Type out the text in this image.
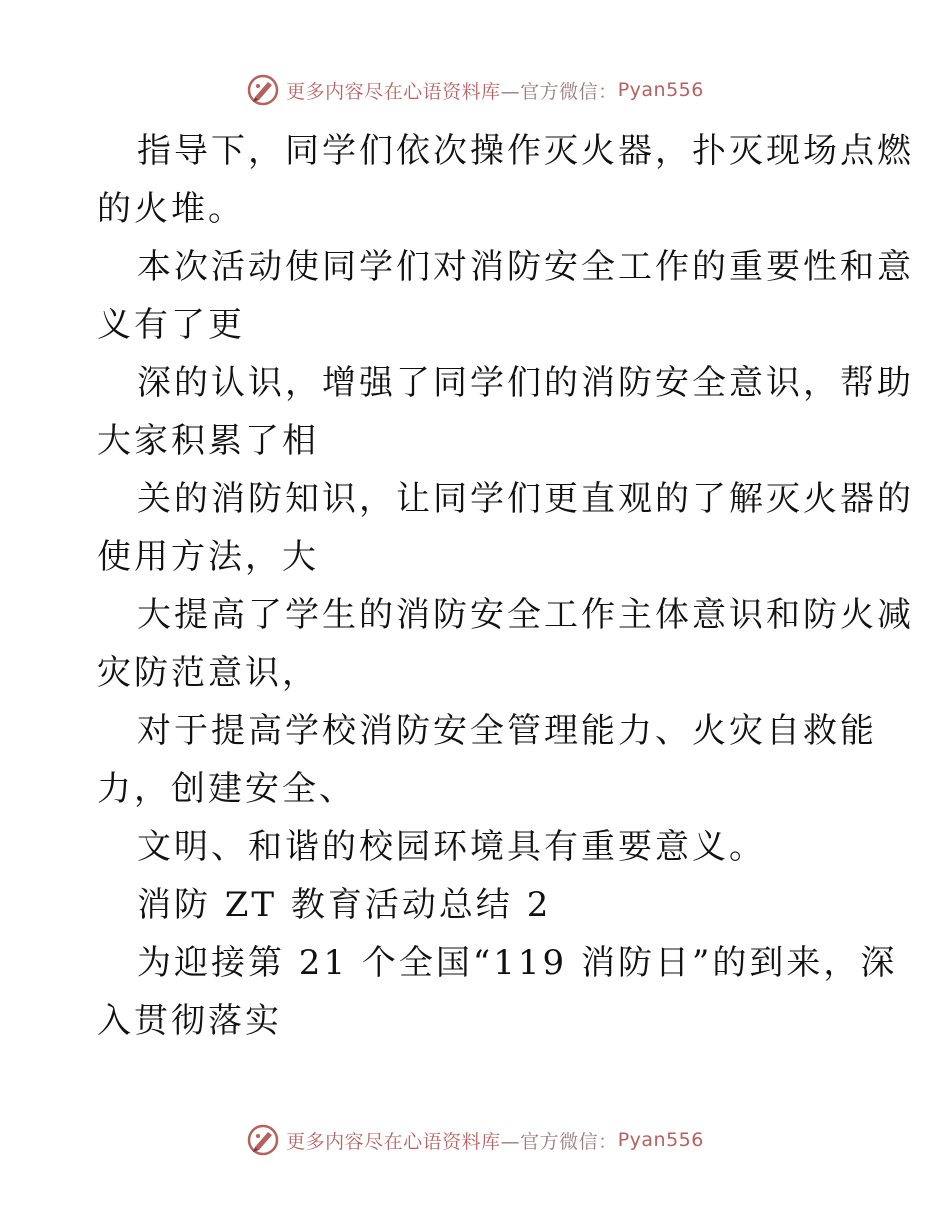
更多内容尽在心语资料库 —官方微信： Pyan556
指导下，同学们依次操作灭火器，扑灭现场点燃
的火堆。
本次活动使同学们对消防安全工作的重要性和意
义有了更
深的认识，增强了同学们的消防安全意识，帮助
大家积累了相
关的消防知识，让同学们更直观的了解灭火器的
使用方法，大
大提高了学生的消防安全工作主体意识和防火减
灾防范意识，
对于提高学校消防安全管理能力、火灾自救能
力，创建安全、
文明、和谐的校园环境具有重要意义。
消防 ZT 教育活动总结 2
为迎接第 21 个全国“119 消防日”的到来，深
入贯彻落实
更多内容尽在心语资料库 —官方微信： Pyan556
